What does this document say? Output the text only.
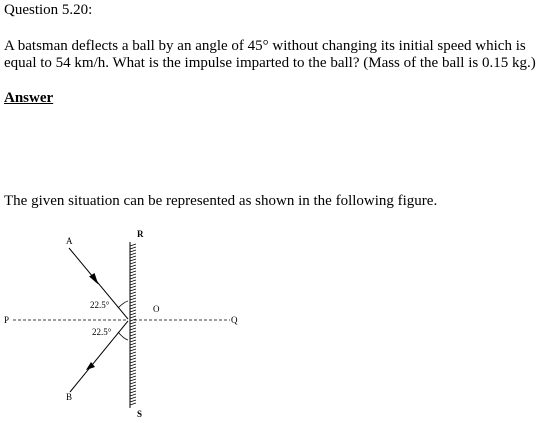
Question 5.20:
A batsman deflects a ball by an angle of 45° without changing its initial speed which is equal to 54 km/h. What is the impulse imparted to the ball? (Mass of the ball is 0.15 kg.)
Answer
The given situation can be represented as shown in the following figure.
A
B
R
S
O
P	Q
22.5°
22.5°
